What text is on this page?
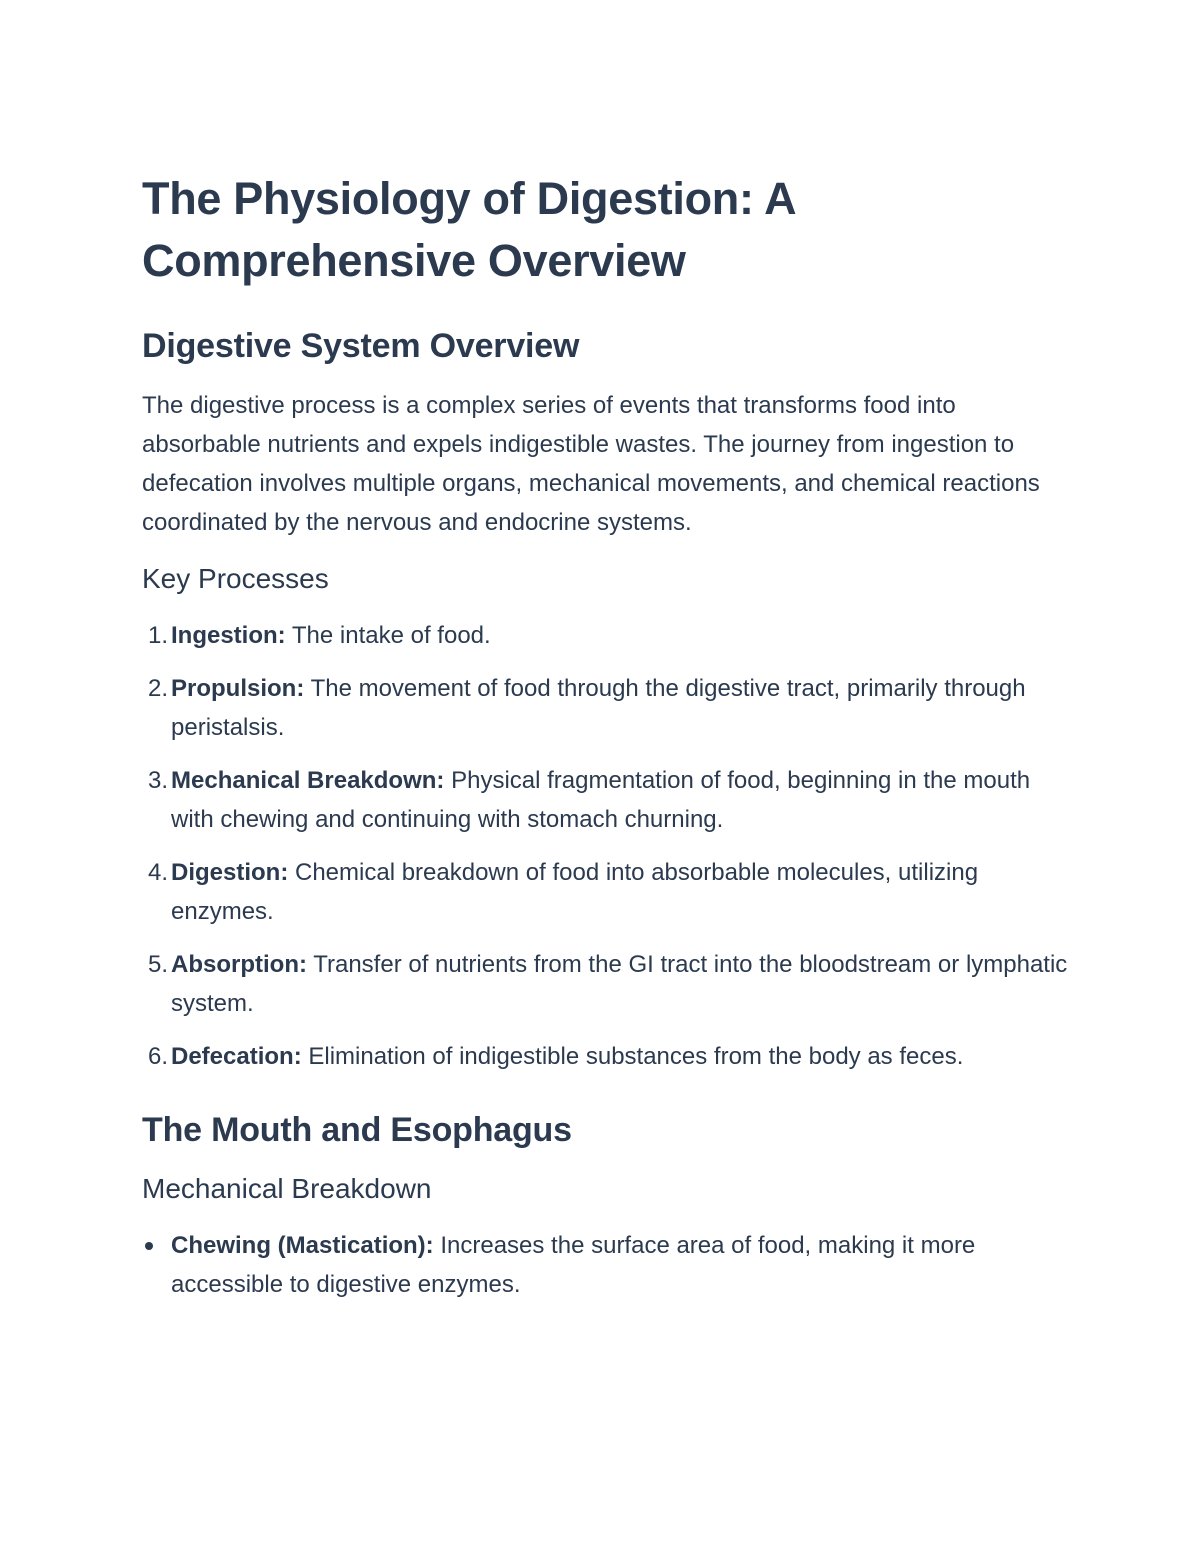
The Physiology of Digestion: A Comprehensive Overview
Digestive System Overview

The digestive process is a complex series of events that transforms food into absorbable nutrients and expels indigestible wastes. The journey from ingestion to defecation involves multiple organs, mechanical movements, and chemical reactions coordinated by the nervous and endocrine systems.

Key Processes
1. Ingestion: The intake of food.
2. Propulsion: The movement of food through the digestive tract, primarily through peristalsis.
3. Mechanical Breakdown: Physical fragmentation of food, beginning in the mouth with chewing and continuing with stomach churning.
4. Digestion: Chemical breakdown of food into absorbable molecules, utilizing enzymes.
5. Absorption: Transfer of nutrients from the GI tract into the bloodstream or lymphatic system.
6. Defecation: Elimination of indigestible substances from the body as feces.
The Mouth and Esophagus
Mechanical Breakdown
Chewing (Mastication): Increases the surface area of food, making it more accessible to digestive enzymes.
